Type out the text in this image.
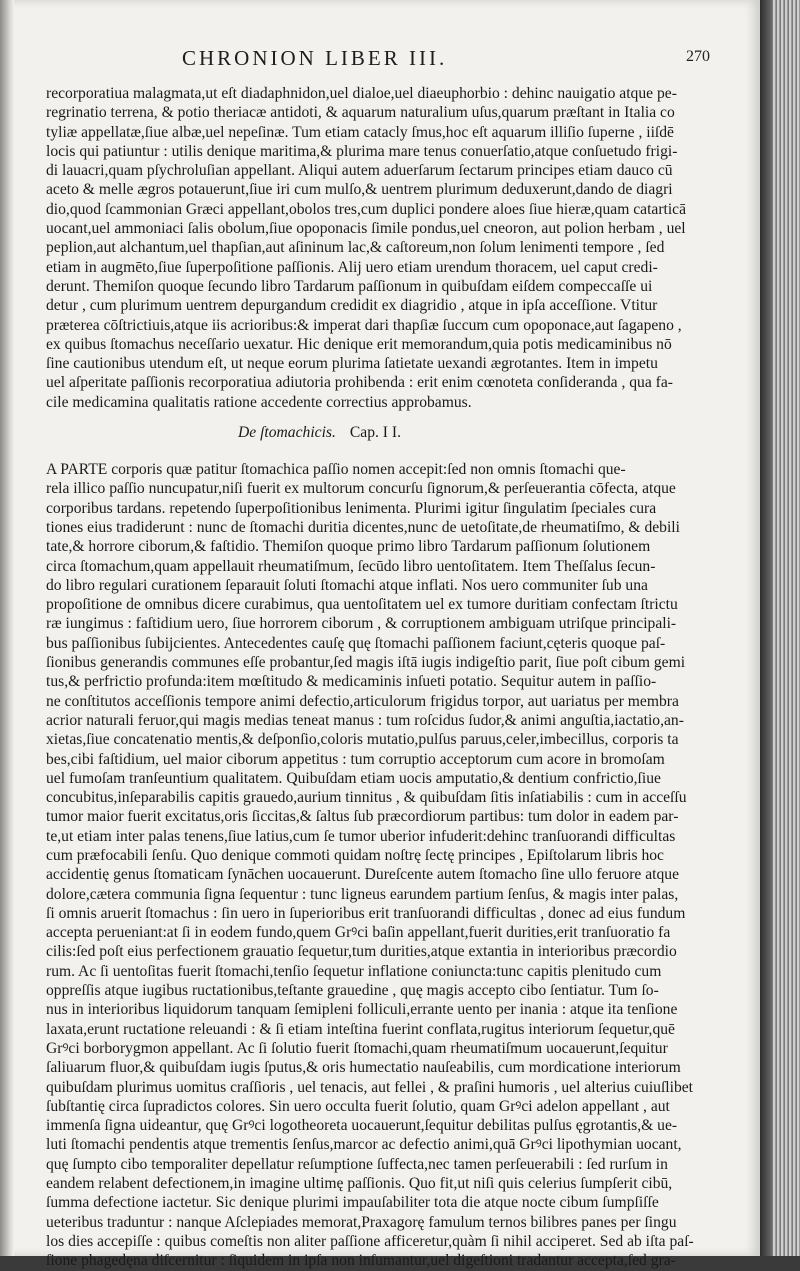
CHRONION LIBER III.	270
recorporatiua malagmata,ut eſt diadaphnidon,uel dialoe,uel diaeuphorbio : dehinc nauigatio atque pe-
regrinatio terrena, & potio theriacæ antidoti, & aquarum naturalium uſus,quarum præſtant in Italia co
tyliæ appellatæ,ſiue albæ,uel nepeſinæ. Tum etiam catacly ſmus,hoc eſt aquarum illiſio ſuperne , iiſdē
locis qui patiuntur : utilis denique maritima,& plurima mare tenus conuerſatio,atque conſuetudo frigi-
di lauacri,quam pſychroluſian appellant. Aliqui autem aduerſarum ſectarum principes etiam dauco cū
aceto & melle ægros potauerunt,ſiue iri cum mulſo,& uentrem plurimum deduxerunt,dando de diagri
dio,quod ſcammonian Græci appellant,obolos tres,cum duplici pondere aloes ſiue hieræ,quam catarticā
uocant,uel ammoniaci ſalis obolum,ſiue opoponacis ſimile pondus,uel cneoron, aut polion herbam , uel
peplion,aut alchantum,uel thapſian,aut aſininum lac,& caſtoreum,non ſolum lenimenti tempore , ſed
etiam in augmēto,ſiue ſuperpoſitione paſſionis. Alij uero etiam urendum thoracem, uel caput credi-
derunt. Themiſon quoque ſecundo libro Tardarum paſſionum in quibuſdam eiſdem compeccaſſe ui
detur , cum plurimum uentrem depurgandum credidit ex diagridio , atque in ipſa acceſſione. Vtitur
præterea cōſtrictiuis,atque iis acrioribus:& imperat dari thapſiæ ſuccum cum opoponace,aut ſagapeno ,
ex quibus ſtomachus neceſſario uexatur. Hic denique erit memorandum,quia potis medicaminibus nō
ſine cautionibus utendum eſt, ut neque eorum plurima ſatietate uexandi ægrotantes. Item in impetu
uel aſperitate paſſionis recorporatiua adiutoria prohibenda : erit enim cœnoteta conſideranda , qua fa-
cile medicamina qualitatis ratione accedente correctius approbamus.
De ſtomachicis. Cap. I I.
A PARTE corporis quæ patitur ſtomachica paſſio nomen accepit:ſed non omnis ſtomachi que-
rela illico paſſio nuncupatur,niſi fuerit ex multorum concurſu ſignorum,& perſeuerantia cōfecta, atque
corporibus tardans. repetendo ſuperpoſitionibus lenimenta. Plurimi igitur ſingulatim ſpeciales cura
tiones eius tradiderunt : nunc de ſtomachi duritia dicentes,nunc de uetoſitate,de rheumatiſmo, & debili
tate,& horrore ciborum,& faſtidio. Themiſon quoque primo libro Tardarum paſſionum ſolutionem
circa ſtomachum,quam appellauit rheumatiſmum, ſecūdo libro uentoſitatem. Item Theſſalus ſecun-
do libro regulari curationem ſeparauit ſoluti ſtomachi atque inflati. Nos uero communiter ſub una
propoſitione de omnibus dicere curabimus, qua uentoſitatem uel ex tumore duritiam confectam ſtrictu
ræ iungimus : faſtidium uero, ſiue horrorem ciborum , & corruptionem ambiguam utriſque principali-
bus paſſionibus ſubijcientes. Antecedentes cauſę quę ſtomachi paſſionem faciunt,cęteris quoque paſ-
ſionibus generandis communes eſſe probantur,ſed magis iſtā iugis indigeſtio parit, ſiue poſt cibum gemi
tus,& perfrictio profunda:item mœſtitudo & medicaminis inſueti potatio. Sequitur autem in paſſio-
ne conſtitutos acceſſionis tempore animi defectio,articulorum frigidus torpor, aut uariatus per membra
acrior naturali feruor,qui magis medias teneat manus : tum roſcidus ſudor,& animi anguſtia,iactatio,an-
xietas,ſiue concatenatio mentis,& deſponſio,coloris mutatio,pulſus paruus,celer,imbecillus, corporis ta
bes,cibi faſtidium, uel maior ciborum appetitus : tum corruptio acceptorum cum acore in bromoſam
uel fumoſam tranſeuntium qualitatem. Quibuſdam etiam uocis amputatio,& dentium confrictio,ſiue
concubitus,inſeparabilis capitis grauedo,aurium tinnitus , & quibuſdam ſitis inſatiabilis : cum in acceſſu
tumor maior fuerit excitatus,oris ſiccitas,& ſaltus ſub præcordiorum partibus: tum dolor in eadem par-
te,ut etiam inter palas tenens,ſiue latius,cum ſe tumor uberior infuderit:dehinc tranſuorandi difficultas
cum præfocabili ſenſu. Quo denique commoti quidam noſtrę ſectę principes , Epiſtolarum libris hoc
accidentię genus ſtomaticam ſynāchen uocauerunt. Dureſcente autem ſtomacho ſine ullo feruore atque
dolore,cætera communia ſigna ſequentur : tunc ligneus earundem partium ſenſus, & magis inter palas,
ſi omnis aruerit ſtomachus : ſin uero in ſuperioribus erit tranſuorandi difficultas , donec ad eius fundum
accepta perueniant:at ſi in eodem fundo,quem Grꝰci baſin appellant,fuerit durities,erit tranſuoratio fa
cilis:ſed poſt eius perfectionem grauatio ſequetur,tum durities,atque extantia in interioribus præcordio
rum. Ac ſi uentoſitas fuerit ſtomachi,tenſio ſequetur inflatione coniuncta:tunc capitis plenitudo cum
oppreſſis atque iugibus ructationibus,teſtante grauedine , quę magis accepto cibo ſentiatur. Tum ſo-
nus in interioribus liquidorum tanquam ſemipleni folliculi,errante uento per inania : atque ita tenſione
laxata,erunt ructatione releuandi : & ſi etiam inteſtina fuerint conflata,rugitus interiorum ſequetur,quē
Grꝰci borborygmon appellant. Ac ſi ſolutio fuerit ſtomachi,quam rheumatiſmum uocauerunt,ſequitur
ſaliuarum fluor,& quibuſdam iugis ſputus,& oris humectatio nauſeabilis, cum mordicatione interiorum
quibuſdam plurimus uomitus craſſioris , uel tenacis, aut fellei , & praſini humoris , uel alterius cuiuſlibet
ſubſtantię circa ſupradictos colores. Sin uero occulta fuerit ſolutio, quam Grꝰci adelon appellant , aut
immenſa ſigna uideantur, quę Grꝰci logotheoreta uocauerunt,ſequitur debilitas pulſus ęgrotantis,& ue-
luti ſtomachi pendentis atque trementis ſenſus,marcor ac defectio animi,quā Grꝰci lipothymian uocant,
quę ſumpto cibo temporaliter depellatur reſumptione ſuffecta,nec tamen perſeuerabili : ſed rurſum in
eandem relabent defectionem,in imagine ultimę paſſionis. Quo fit,ut niſi quis celerius ſumpſerit cibū,
ſumma defectione iactetur. Sic denique plurimi impauſabiliter tota die atque nocte cibum ſumpſiſſe
ueteribus traduntur : nanque Aſclepiades memorat,Praxagorę famulum ternos bilibres panes per ſingu
los dies accepiſſe : quibus comeſtis non aliter paſſione afficeretur,quàm ſi nihil acciperet. Sed ab iſta paſ-
ſione phagedęna diſcernitur : ſiquidem in ipſa non inſumantur,uel digeſtioni tradantur accepta,ſed gra-
